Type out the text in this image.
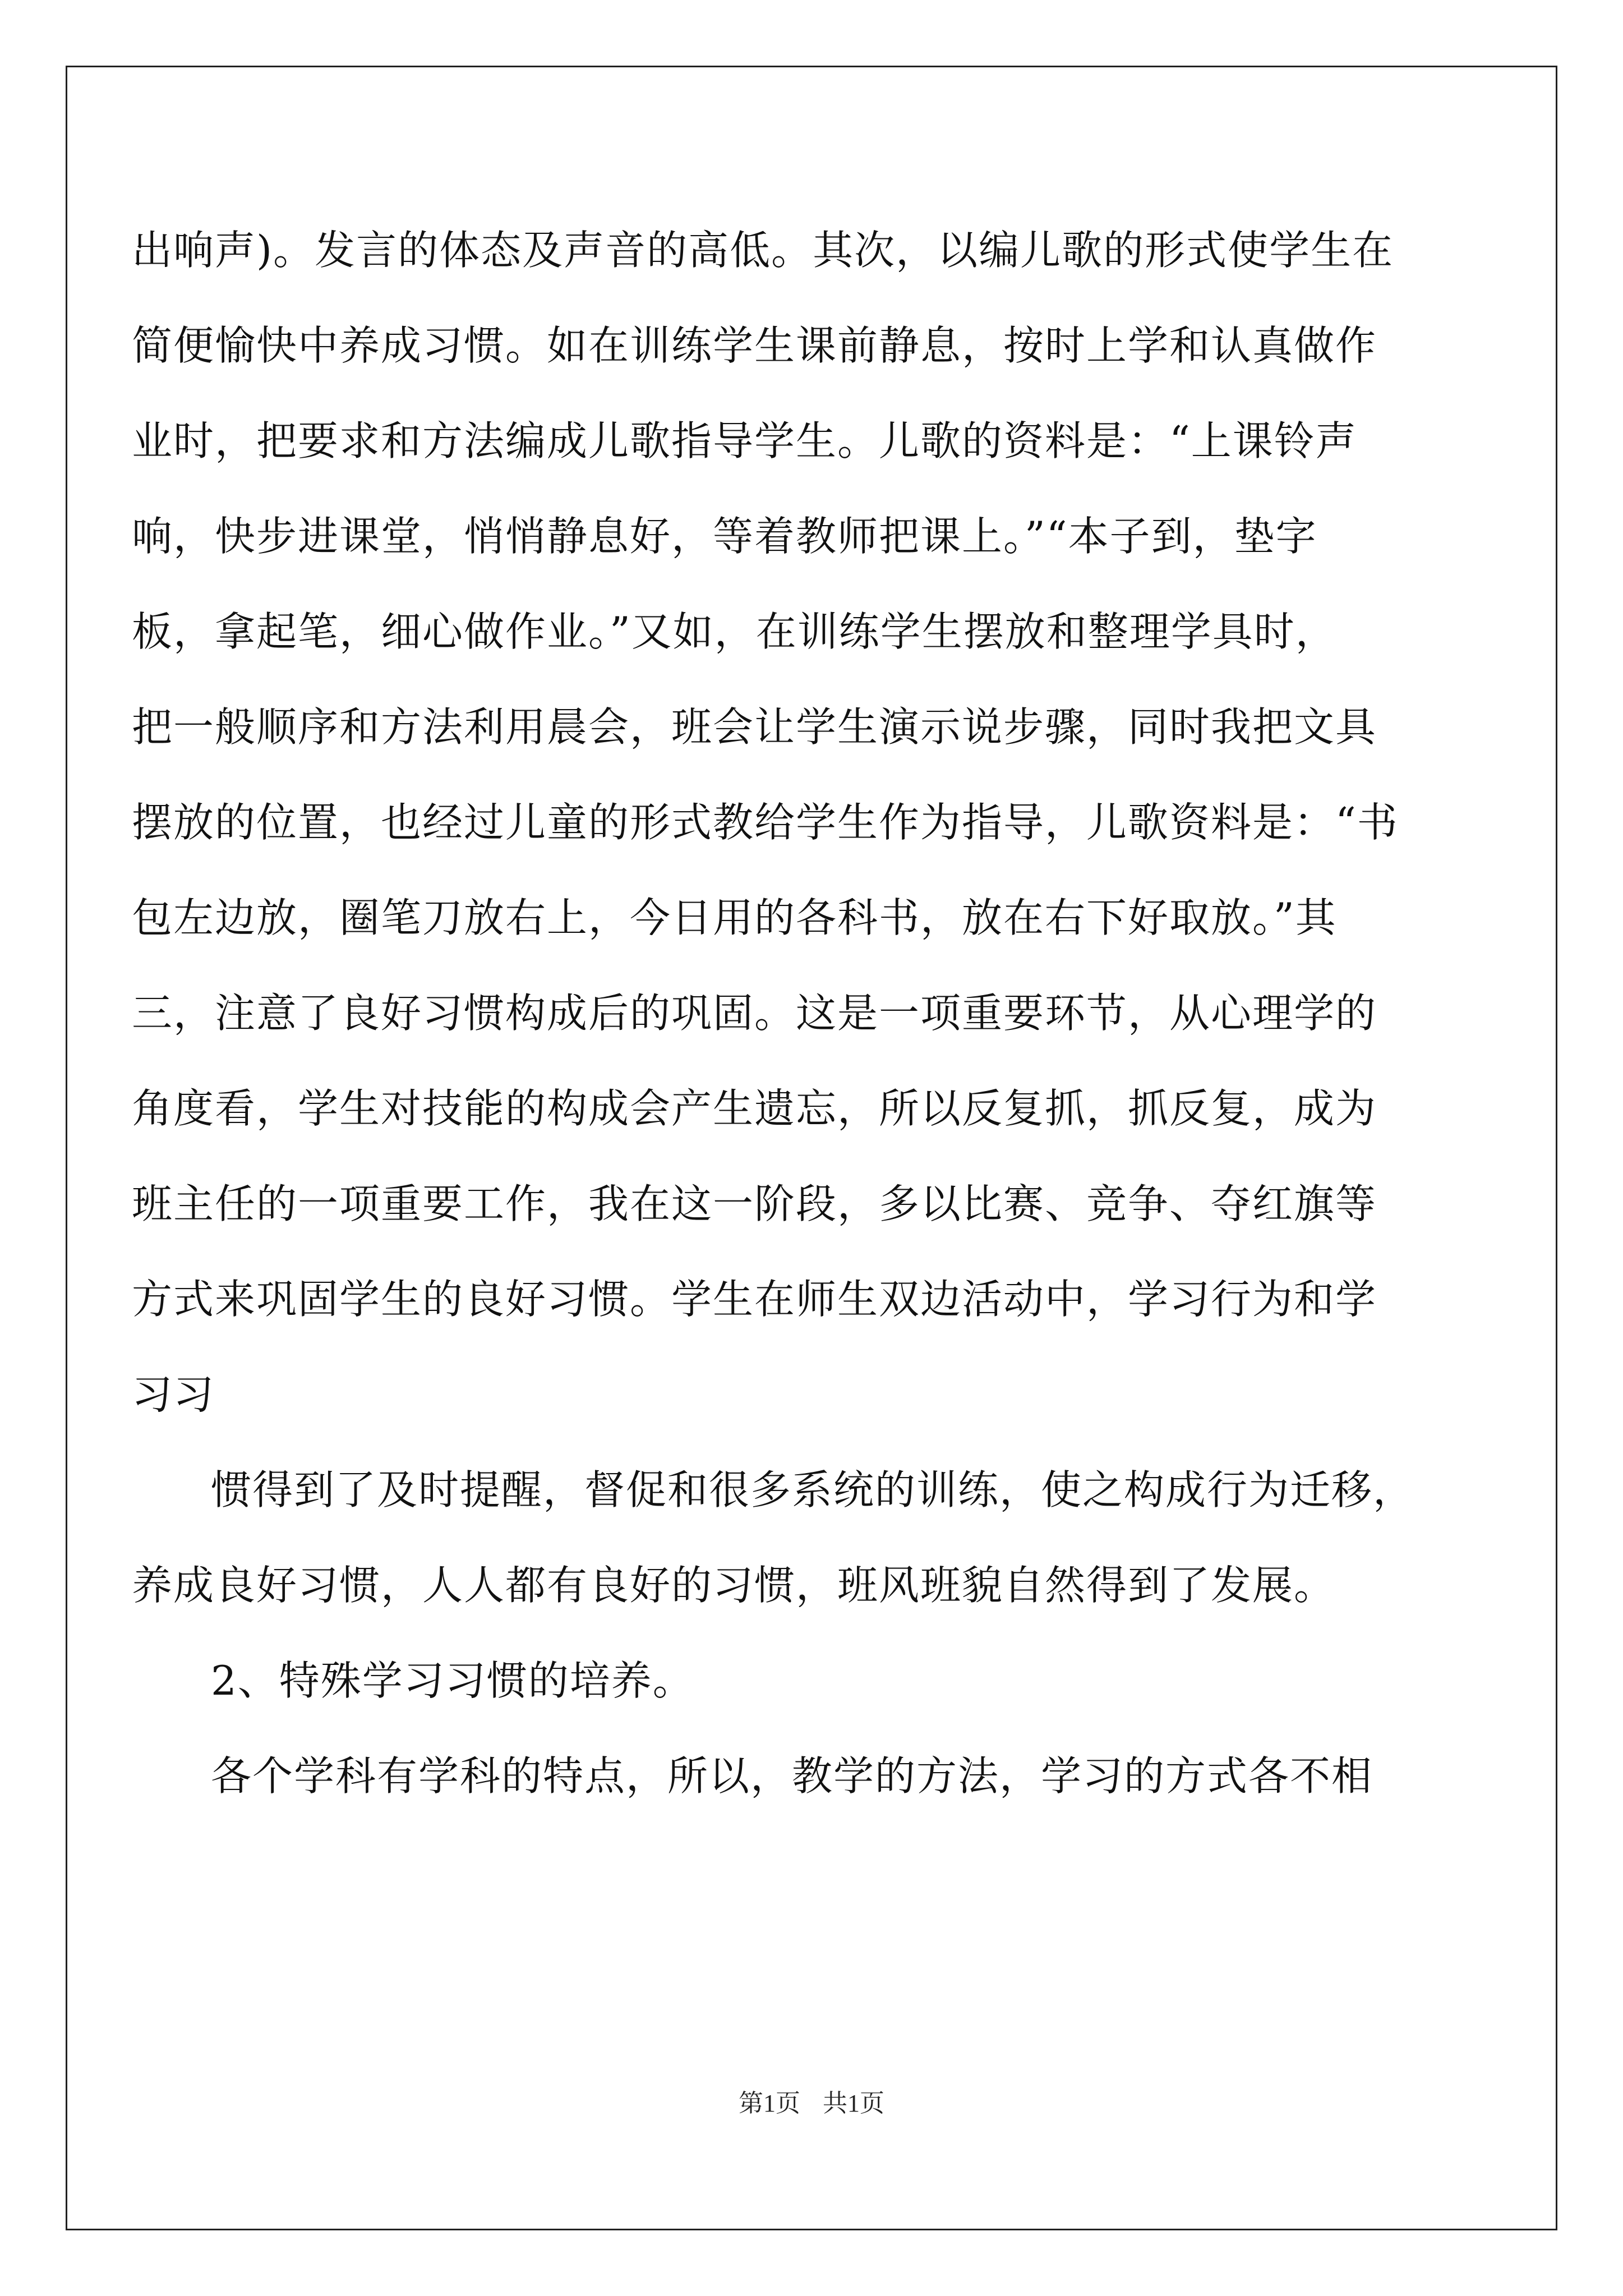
出响声)。发言的体态及声音的高低。其次，以编儿歌的形式使学生在
简便愉快中养成习惯。如在训练学生课前静息，按时上学和认真做作
业时，把要求和方法编成儿歌指导学生。儿歌的资料是：“上课铃声
响，快步进课堂，悄悄静息好，等着教师把课上。”“本子到，垫字
板，拿起笔，细心做作业。”又如，在训练学生摆放和整理学具时，
把一般顺序和方法利用晨会，班会让学生演示说步骤，同时我把文具
摆放的位置，也经过儿童的形式教给学生作为指导，儿歌资料是：“书
包左边放，圈笔刀放右上，今日用的各科书，放在右下好取放。”其
三，注意了良好习惯构成后的巩固。这是一项重要环节，从心理学的
角度看，学生对技能的构成会产生遗忘，所以反复抓，抓反复，成为
班主任的一项重要工作，我在这一阶段，多以比赛、竞争、夺红旗等
方式来巩固学生的良好习惯。学生在师生双边活动中，学习行为和学
习习
惯得到了及时提醒，督促和很多系统的训练，使之构成行为迁移，
养成良好习惯，人人都有良好的习惯，班风班貌自然得到了发展。
2、特殊学习习惯的培养。
各个学科有学科的特点，所以，教学的方法，学习的方式各不相
第1页 共1页
